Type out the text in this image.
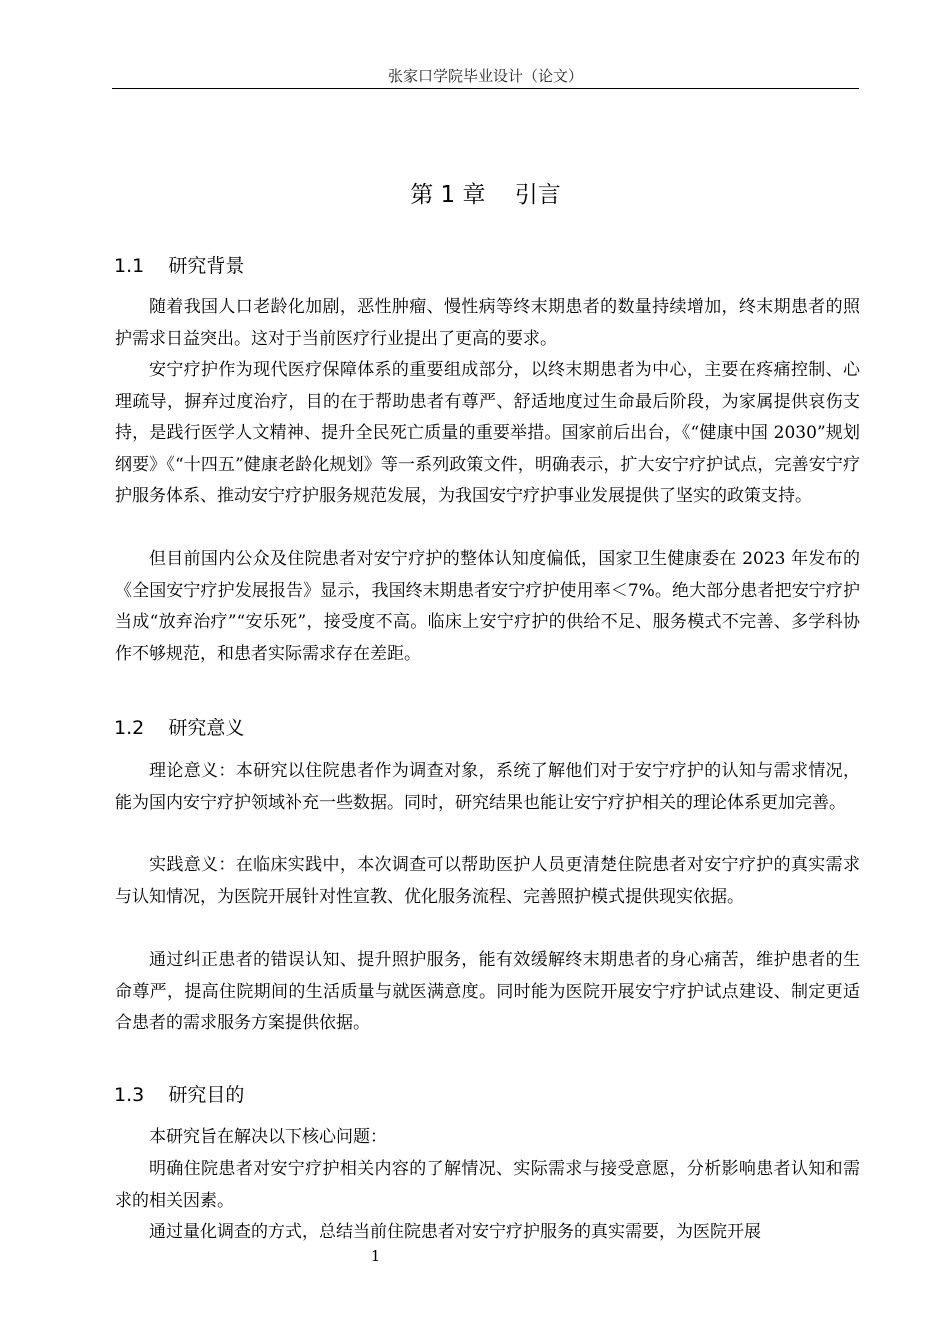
张家口学院毕业设计（论文）
第 1 章    引言
1.1    研究背景

随着我国人口老龄化加剧，恶性肿瘤、慢性病等终末期患者的数量持续增加，终末期患者的照护需求日益突出。这对于当前医疗行业提出了更高的要求。

安宁疗护作为现代医疗保障体系的重要组成部分，以终末期患者为中心，主要在疼痛控制、心理疏导，摒弃过度治疗，目的在于帮助患者有尊严、舒适地度过生命最后阶段，为家属提供哀伤支持，是践行医学人文精神、提升全民死亡质量的重要举措。国家前后出台，《“健康中国 2030”规划纲要》《“十四五”健康老龄化规划》等一系列政策文件，明确表示，扩大安宁疗护试点，完善安宁疗护服务体系、推动安宁疗护服务规范发展，为我国安宁疗护事业发展提供了坚实的政策支持。

但目前国内公众及住院患者对安宁疗护的整体认知度偏低，国家卫生健康委在 2023 年发布的《全国安宁疗护发展报告》显示，我国终末期患者安宁疗护使用率＜7%。绝大部分患者把安宁疗护当成“放弃治疗”“安乐死”，接受度不高。临床上安宁疗护的供给不足、服务模式不完善、多学科协作不够规范，和患者实际需求存在差距。

1.2    研究意义

理论意义：本研究以住院患者作为调查对象，系统了解他们对于安宁疗护的认知与需求情况，能为国内安宁疗护领域补充一些数据。同时，研究结果也能让安宁疗护相关的理论体系更加完善。

实践意义：在临床实践中，本次调查可以帮助医护人员更清楚住院患者对安宁疗护的真实需求与认知情况，为医院开展针对性宣教、优化服务流程、完善照护模式提供现实依据。

通过纠正患者的错误认知、提升照护服务，能有效缓解终末期患者的身心痛苦，维护患者的生命尊严，提高住院期间的生活质量与就医满意度。同时能为医院开展安宁疗护试点建设、制定更适合患者的需求服务方案提供依据。

1.3    研究目的

本研究旨在解决以下核心问题：

明确住院患者对安宁疗护相关内容的了解情况、实际需求与接受意愿，分析影响患者认知和需求的相关因素。

通过量化调查的方式，总结当前住院患者对安宁疗护服务的真实需要，为医院开展

1
